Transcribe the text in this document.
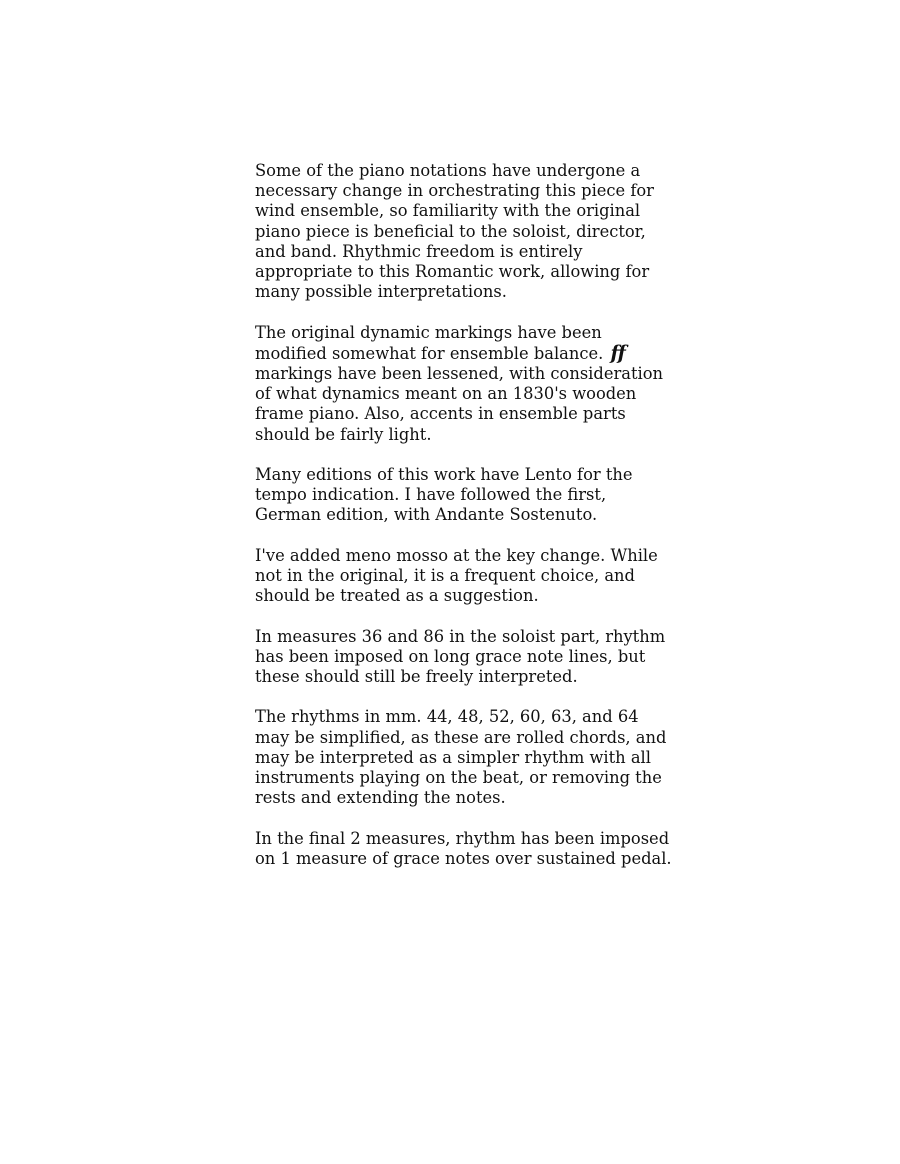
Some of the piano notations have undergone a
necessary change in orchestrating this piece for
wind ensemble, so familiarity with the original
piano piece is beneficial to the soloist, director,
and band. Rhythmic freedom is entirely
appropriate to this Romantic work, allowing for
many possible interpretations.

The original dynamic markings have been
modified somewhat for ensemble balance. ff
markings have been lessened, with consideration
of what dynamics meant on an 1830's wooden
frame piano. Also, accents in ensemble parts
should be fairly light.

Many editions of this work have Lento for the
tempo indication. I have followed the first,
German edition, with Andante Sostenuto.

I've added meno mosso at the key change. While
not in the original, it is a frequent choice, and
should be treated as a suggestion.

In measures 36 and 86 in the soloist part, rhythm
has been imposed on long grace note lines, but
these should still be freely interpreted.

The rhythms in mm. 44, 48, 52, 60, 63, and 64
may be simplified, as these are rolled chords, and
may be interpreted as a simpler rhythm with all
instruments playing on the beat, or removing the
rests and extending the notes.

In the final 2 measures, rhythm has been imposed
on 1 measure of grace notes over sustained pedal.
